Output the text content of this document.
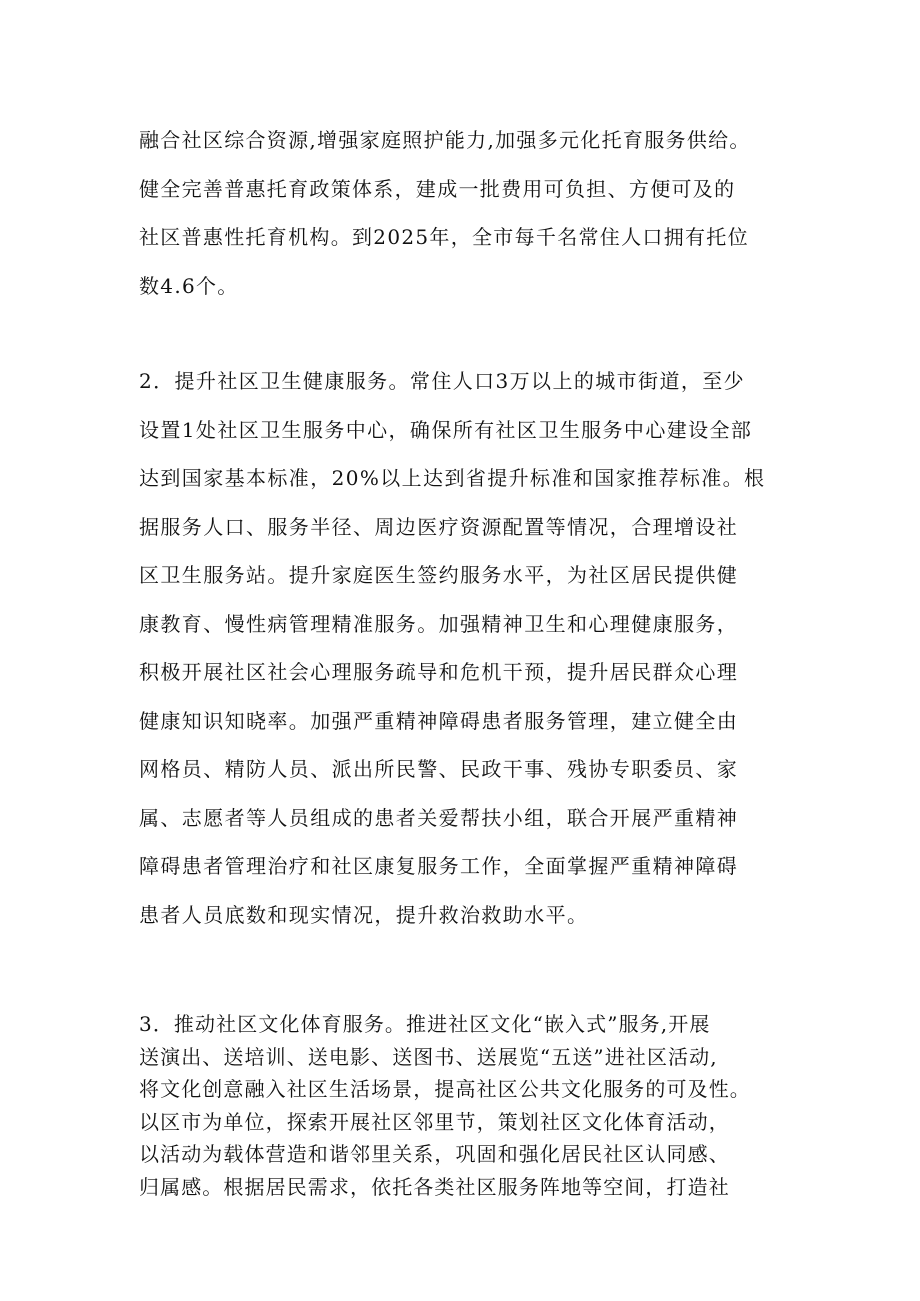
融合社区综合资源,增强家庭照护能力,加强多元化托育服务供给。
健全完善普惠托育政策体系，建成一批费用可负担、方便可及的
社区普惠性托育机构。到2025年，全市每千名常住人口拥有托位
数4.6个。
2．提升社区卫生健康服务。常住人口3万以上的城市街道，至少
设置1处社区卫生服务中心，确保所有社区卫生服务中心建设全部
达到国家基本标准，20%以上达到省提升标准和国家推荐标准。根
据服务人口、服务半径、周边医疗资源配置等情况，合理增设社
区卫生服务站。提升家庭医生签约服务水平，为社区居民提供健
康教育、慢性病管理精准服务。加强精神卫生和心理健康服务，
积极开展社区社会心理服务疏导和危机干预，提升居民群众心理
健康知识知晓率。加强严重精神障碍患者服务管理，建立健全由
网格员、精防人员、派出所民警、民政干事、残协专职委员、家
属、志愿者等人员组成的患者关爱帮扶小组，联合开展严重精神
障碍患者管理治疗和社区康复服务工作，全面掌握严重精神障碍
患者人员底数和现实情况，提升救治救助水平。
3．推动社区文化体育服务。推进社区文化“嵌入式”服务,开展
送演出、送培训、送电影、送图书、送展览“五送”进社区活动,
将文化创意融入社区生活场景，提高社区公共文化服务的可及性。
以区市为单位，探索开展社区邻里节，策划社区文化体育活动，
以活动为载体营造和谐邻里关系，巩固和强化居民社区认同感、
归属感。根据居民需求，依托各类社区服务阵地等空间，打造社
